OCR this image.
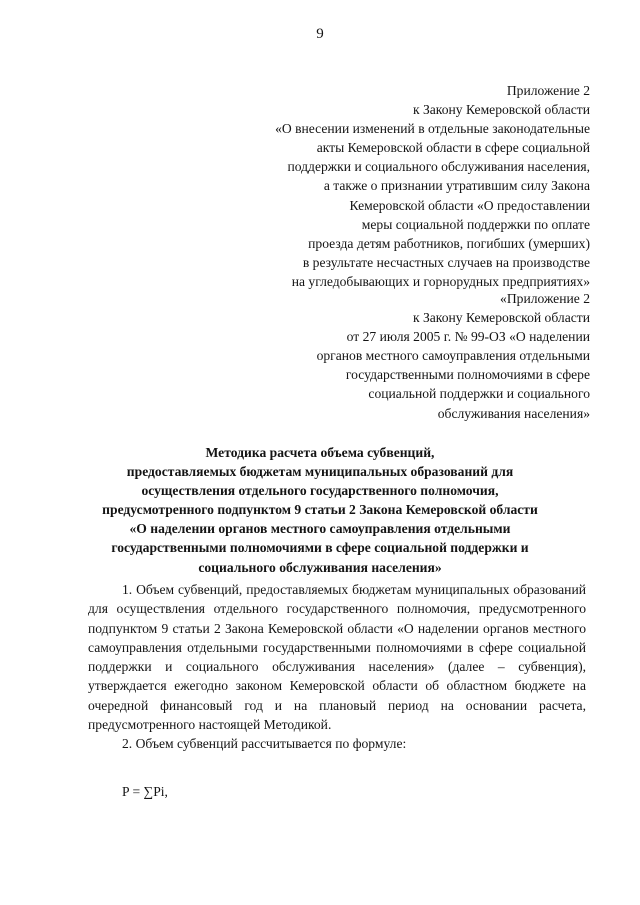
9
Приложение 2
к Закону Кемеровской области
«О внесении изменений в отдельные законодательные
акты Кемеровской области в сфере социальной
поддержки и социального обслуживания населения,
а также о признании утратившим силу Закона
Кемеровской области «О предоставлении
меры социальной поддержки по оплате
проезда детям работников, погибших (умерших)
в результате несчастных случаев на производстве
на угледобывающих и горнорудных предприятиях»
«Приложение 2
к Закону Кемеровской области
от 27 июля 2005 г. № 99-ОЗ «О наделении
органов местного самоуправления отдельными
государственными полномочиями в сфере
социальной поддержки и социального
обслуживания населения»
Методика расчета объема субвенций,
предоставляемых бюджетам муниципальных образований для
осуществления отдельного государственного полномочия,
предусмотренного подпунктом 9 статьи 2 Закона Кемеровской области
«О наделении органов местного самоуправления отдельными
государственными полномочиями в сфере социальной поддержки и
социального обслуживания населения»

1. Объем субвенций, предоставляемых бюджетам муниципальных образований для осуществления отдельного государственного полномочия, предусмотренного подпунктом 9 статьи 2 Закона Кемеровской области «О наделении органов местного самоуправления отдельными государственными полномочиями в сфере социальной поддержки и социального обслуживания населения» (далее – субвенция), утверждается ежегодно законом Кемеровской области об областном бюджете на очередной финансовый год и на плановый период на основании расчета, предусмотренного настоящей Методикой.

2. Объем субвенций рассчитывается по формуле:

P = ∑Pi,
